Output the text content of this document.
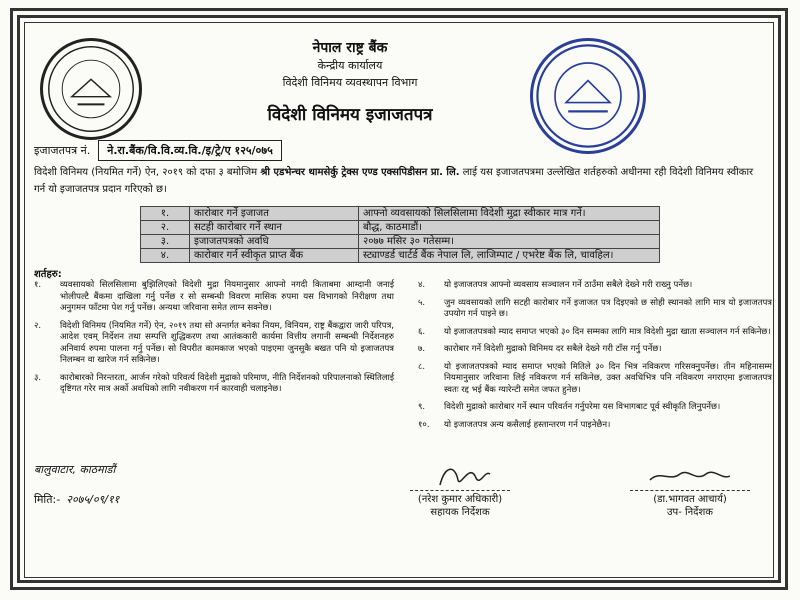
नेपाल राष्ट्र बैंक
केन्द्रीय कार्यालय
विदेशी विनिमय व्यवस्थापन विभाग
विदेशी विनिमय इजाजतपत्र
इजाजतपत्र नं.	ने.रा.बैंक/वि.वि.व्य.वि./इ/ट्रे/ए १२५/०७५
विदेशी विनिमय (नियमित गर्ने) ऐन, २०१९ को दफा ३ बमोजिम श्री एडभेन्चर थामसेर्कु ट्रेक्स एण्ड एक्सपिडीसन प्रा. लि. लाई यस इजाजतपत्रमा उल्लेखित शर्तहरुको अधीनमा रही विदेशी विनिमय स्वीकार गर्न यो इजाजतपत्र प्रदान गरिएको छ।
१.	कारोबार गर्ने इजाजत	आफ्नो व्यवसायको सिलसिलामा विदेशी मुद्रा स्वीकार मात्र गर्ने।
२.	सटही कारोबार गर्ने स्थान	बौद्ध, काठमाडौं।
३.	इजाजतपत्रको अवधि	२०७७ मसिर ३० गतेसम्म।
४.	कारोबार गर्न स्वीकृत प्राप्त बैंक	स्ट्याण्डर्ड चार्टर्ड बैंक नेपाल लि, लाजिम्पाट / एभरेष्ट बैंक लि, चावहिल।
शर्तहरु:
१.	व्यवसायको सिलसिलामा बुझिलिएको विदेशी मुद्रा नियमानुसार आफ्नो नगदी किताबमा आम्दानी जनाई भोलीपल्टै बैंकमा दाखिला गर्नु पर्नेछ र सो सम्बन्धी विवरण मासिक रुपमा यस विभागको निरीक्षण तथा अनुगमन फाँटमा पेश गर्नु पर्नेछ। अन्यथा जरिवाना समेत लाग्न सक्नेछ।
२.	विदेशी विनिमय (नियमित गर्ने) ऐन, २०१९ तथा सो अन्तर्गत बनेका नियम, विनियम, राष्ट्र बैंकद्वारा जारी परिपत्र, आदेश एवम् निर्देशन तथा सम्पत्ति शुद्धिकरण तथा आतंककारी कार्यमा वित्तीय लगानी सम्बन्धी निर्देशनहरु अनिवार्य रुपमा पालना गर्नु पर्नेछ। सो विपरीत कामकाज भएको पाइएमा जुनसुकै बखत पनि यो इजाजतपत्र निलम्बन वा खारेज गर्न सकिनेछ।
३.	कारोबारको निरन्तरता, आर्जन गरेको परिवर्त्य विदेशी मुद्राको परिमाण, नीति निर्देशनको परिपालनाको स्थितिलाई दृष्टिगत गरेर मात्र अर्को अवधिको लागि नवीकरण गर्न कारवाही चलाइनेछ।
४.	यो इजाजतपत्र आफ्नो व्यवसाय सञ्चालन गर्ने ठाउँमा सबैले देख्ने गरी राख्नु पर्नेछ।
५.	जुन व्यवसायको लागि सटही कारोबार गर्ने इजाजत पत्र दिइएको छ सोही स्थानको लागि मात्र यो इजाजतपत्र उपयोग गर्न पाइने छ।
६.	यो इजाजतपत्रको म्याद समाप्त भएको ३० दिन सम्मका लागि मात्र विदेशी मुद्रा खाता सञ्चालन गर्न सकिनेछ।
७.	कारोबार गर्ने विदेशी मुद्राको विनिमय दर सबैले देख्ने गरी टाँस गर्नु पर्नेछ।
८.	यो इजाजतपत्रको म्याद समाप्त भएको मितिले ३० दिन भित्र नविकरण गरिसक्नुपर्नेछ। तीन महिनासम्म नियमानुसार जरिवाना लिई नविकरण गर्न सकिनेछ, उक्त अवधिभित्र पनि नविकरण नगराएमा इजाजतपत्र स्वतः रद्द भई बैंक ग्यारेन्टी समेत जफत हुनेछ।
९.	विदेशी मुद्राको कारोबार गर्ने स्थान परिवर्तन गर्नुपरेमा यस विभागबाट पूर्व स्वीकृति लिनुपर्नेछ।
१०.	यो इजाजतपत्र अन्य कसैलाई हस्तान्तरण गर्न पाइनेछैन।
बालुवाटार, काठमाडौं
मिति:- २०७५/०९/११	(नरेश कुमार अधिकारी)
सहायक निर्देशक
(डा.भागवत आचार्य)
उप- निर्देशक
